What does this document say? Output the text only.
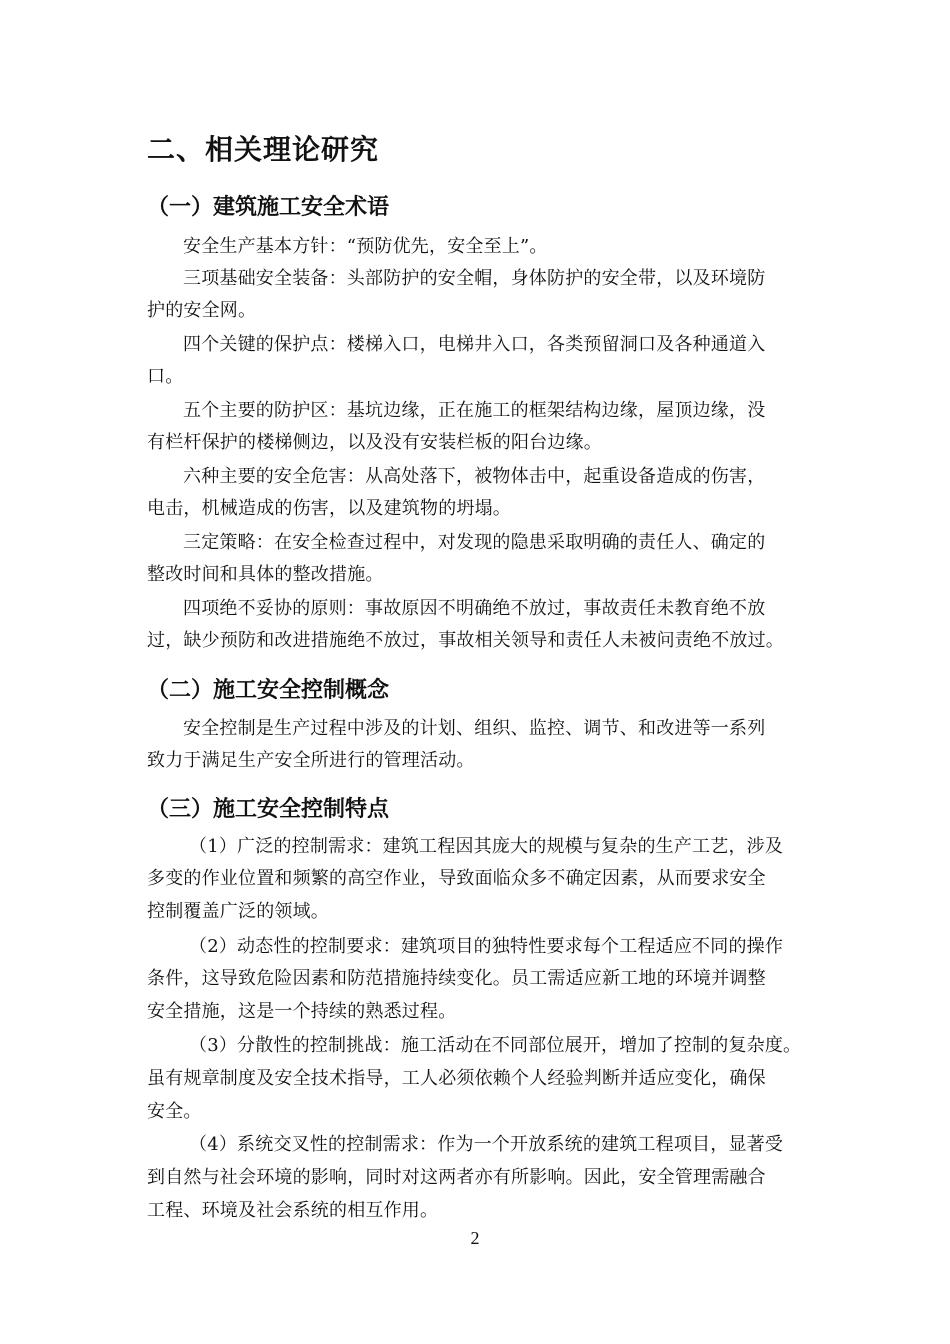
二、相关理论研究
（一）建筑施工安全术语
安全生产基本方针：“预防优先，安全至上”。
三项基础安全装备：头部防护的安全帽，身体防护的安全带，以及环境防
护的安全网。
四个关键的保护点：楼梯入口，电梯井入口，各类预留洞口及各种通道入
口。
五个主要的防护区：基坑边缘，正在施工的框架结构边缘，屋顶边缘，没
有栏杆保护的楼梯侧边，以及没有安装栏板的阳台边缘。
六种主要的安全危害：从高处落下，被物体击中，起重设备造成的伤害，
电击，机械造成的伤害，以及建筑物的坍塌。
三定策略：在安全检查过程中，对发现的隐患采取明确的责任人、确定的
整改时间和具体的整改措施。
四项绝不妥协的原则：事故原因不明确绝不放过，事故责任未教育绝不放
过，缺少预防和改进措施绝不放过，事故相关领导和责任人未被问责绝不放过。
（二）施工安全控制概念
安全控制是生产过程中涉及的计划、组织、监控、调节、和改进等一系列
致力于满足生产安全所进行的管理活动。
（三）施工安全控制特点
（1）广泛的控制需求：建筑工程因其庞大的规模与复杂的生产工艺，涉及
多变的作业位置和频繁的高空作业，导致面临众多不确定因素，从而要求安全
控制覆盖广泛的领域。
（2）动态性的控制要求：建筑项目的独特性要求每个工程适应不同的操作
条件，这导致危险因素和防范措施持续变化。员工需适应新工地的环境并调整
安全措施，这是一个持续的熟悉过程。
（3）分散性的控制挑战：施工活动在不同部位展开，增加了控制的复杂度。
虽有规章制度及安全技术指导，工人必须依赖个人经验判断并适应变化，确保
安全。
（4）系统交叉性的控制需求：作为一个开放系统的建筑工程项目，显著受
到自然与社会环境的影响，同时对这两者亦有所影响。因此，安全管理需融合
工程、环境及社会系统的相互作用。
2
